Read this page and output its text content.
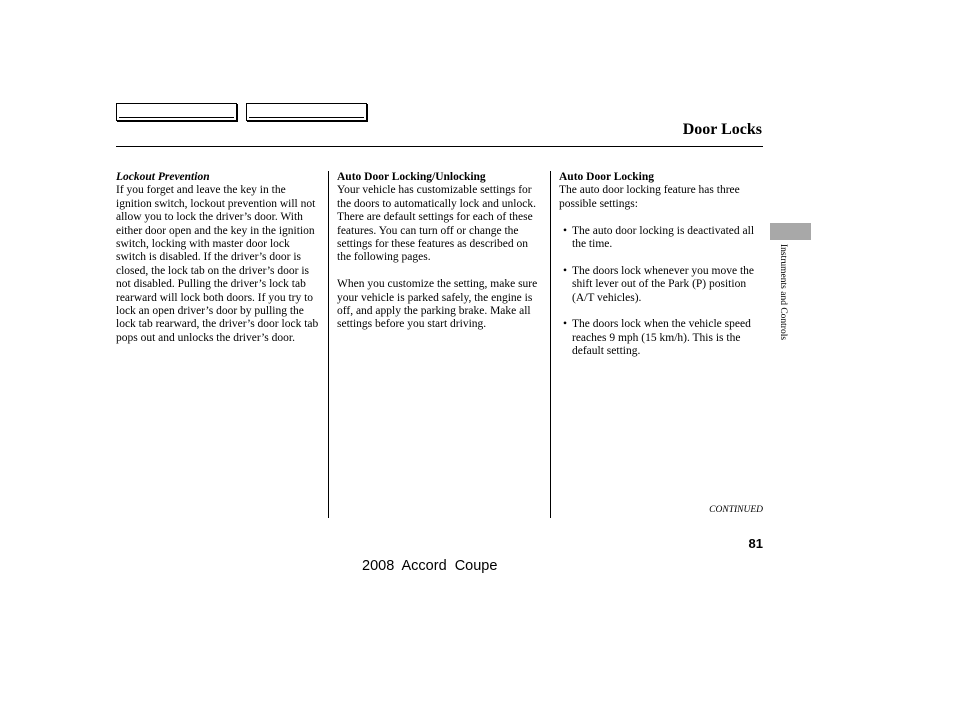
Door Locks
Lockout Prevention

If you forget and leave the key in the ignition switch, lockout prevention will not allow you to lock the driver’s door. With either door open and the key in the ignition switch, locking with master door lock switch is disabled. If the driver’s door is closed, the lock tab on the driver’s door is not disabled. Pulling the driver’s lock tab rearward will lock both doors. If you try to lock an open driver’s door by pulling the lock tab rearward, the driver’s door lock tab pops out and unlocks the driver’s door.

Auto Door Locking/Unlocking

Your vehicle has customizable settings for the doors to automatically lock and unlock. There are default settings for each of these features. You can turn off or change the settings for these features as described on the following pages.

When you customize the setting, make sure your vehicle is parked safely, the engine is off, and apply the parking brake. Make all settings before you start driving.

Auto Door Locking

The auto door locking feature has three possible settings:

• The auto door locking is deactivated all the time.
• The doors lock whenever you move the shift lever out of the Park (P) position (A/T vehicles).
• The doors lock when the vehicle speed reaches 9 mph (15 km/h). This is the default setting.
Instruments and Controls
CONTINUED
81
2008  Accord  Coupe
